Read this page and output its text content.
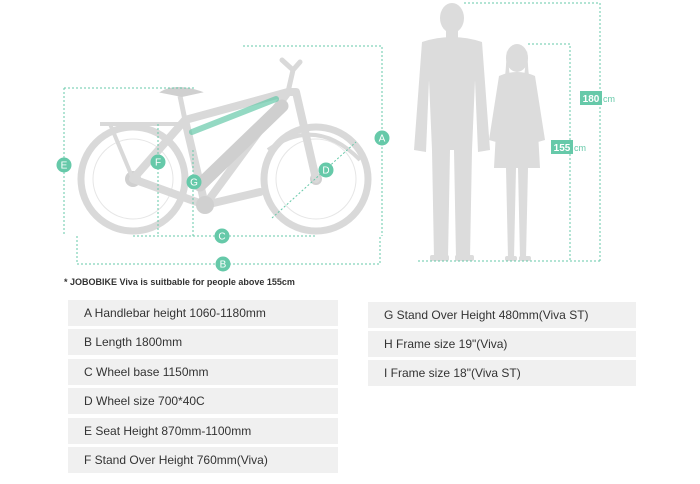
A
B
C
D
E	F
G
180 cm
155 cm
* JOBOBIKE Viva is suitbable for people above 155cm
A Handlebar height 1060-1180mm
B Length 1800mm
C Wheel base 1150mm
D Wheel size 700*40C
E Seat Height 870mm-1100mm
F Stand Over Height 760mm(Viva)
G Stand Over Height 480mm(Viva ST)
H Frame size 19"(Viva)
I Frame size 18"(Viva ST)
